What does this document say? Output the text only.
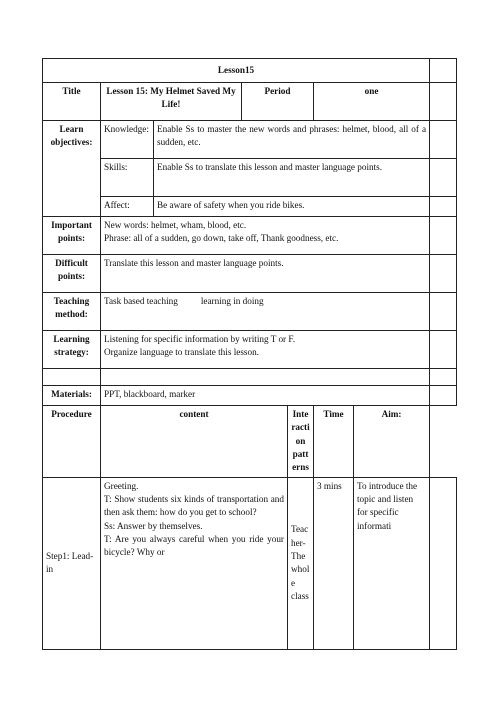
Lesson15							
Title	Lesson 15: My Helmet Saved My Life!		Period		one		
Learn objectives:	Knowledge:	Enable Ss to master the new words and phrases: helmet, blood, all of a sudden, etc.					
	Skills:	Enable Ss to translate this lesson and master language points.					
	Affect:	Be aware of safety when you ride bikes.					
Important points:	New words: helmet, wham, blood, etc.
Phrase: all of a sudden, go down, take off, Thank goodness, etc.						

Difficult points:	Translate this lesson and master language points.						
Teaching method:	Task based teaching          learning in doing						
Learning strategy:	Listening for specific information by writing T or F.
Organize language to translate this lesson.						

Materials:	PPT, blackboard, marker						
Procedure	content			Interaction patterns	Time	Aim:	
Step1: Lead-in	Greeting.
T: Show students six kinds of transportation and then ask them: how do you get to school?
Ss: Answer by themselves.
T: Are you always careful when you ride your bicycle? Why or			Teacher-The whole class	3 mins	To introduce the topic and listen for specific informati	
